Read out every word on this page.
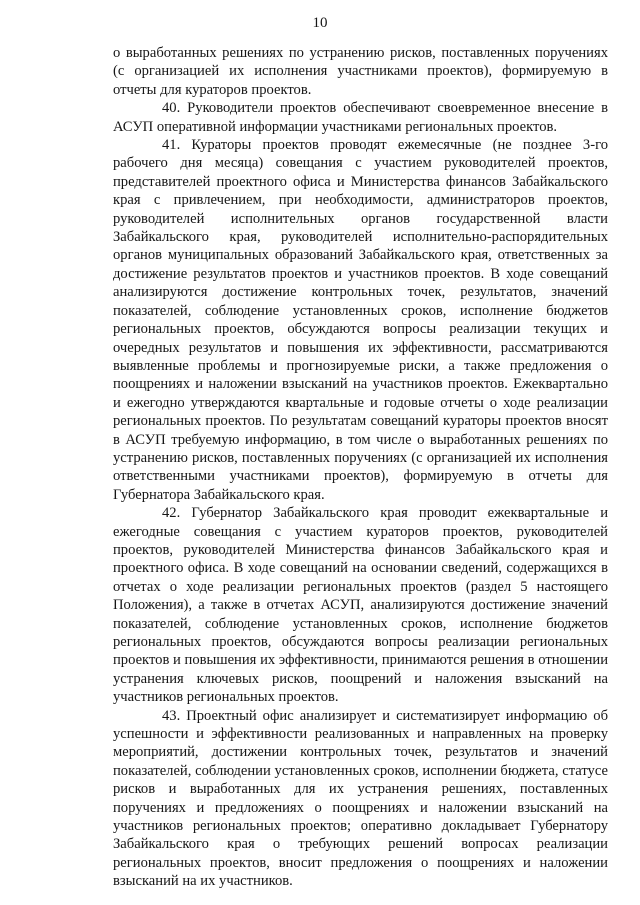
10

о выработанных решениях по устранению рисков, поставленных поручениях (с организацией их исполнения участниками проектов), формируемую в отчеты для кураторов проектов.

40. Руководители проектов обеспечивают своевременное внесение в АСУП оперативной информации участниками региональных проектов.

41. Кураторы проектов проводят ежемесячные (не позднее 3-го рабочего дня месяца) совещания с участием руководителей проектов, представителей проектного офиса и Министерства финансов Забайкальского края с привлечением, при необходимости, администраторов проектов, руководителей исполнительных органов государственной власти Забайкальского края, руководителей исполнительно-распорядительных органов муниципальных образований Забайкальского края, ответственных за достижение результатов проектов и участников проектов. В ходе совещаний анализируются достижение контрольных точек, результатов, значений показателей, соблюдение установленных сроков, исполнение бюджетов региональных проектов, обсуждаются вопросы реализации текущих и очередных результатов и повышения их эффективности, рассматриваются выявленные проблемы и прогнозируемые риски, а также предложения о поощрениях и наложении взысканий на участников проектов. Ежеквартально и ежегодно утверждаются квартальные и годовые отчеты о ходе реализации региональных проектов. По результатам совещаний кураторы проектов вносят в АСУП требуемую информацию, в том числе о выработанных решениях по устранению рисков, поставленных поручениях (с организацией их исполнения ответственными участниками проектов), формируемую в отчеты для Губернатора Забайкальского края.

42. Губернатор Забайкальского края проводит ежеквартальные и ежегодные совещания с участием кураторов проектов, руководителей проектов, руководителей Министерства финансов Забайкальского края и проектного офиса. В ходе совещаний на основании сведений, содержащихся в отчетах о ходе реализации региональных проектов (раздел 5 настоящего Положения), а также в отчетах АСУП, анализируются достижение значений показателей, соблюдение установленных сроков, исполнение бюджетов региональных проектов, обсуждаются вопросы реализации региональных проектов и повышения их эффективности, принимаются решения в отношении устранения ключевых рисков, поощрений и наложения взысканий на участников региональных проектов.

43. Проектный офис анализирует и систематизирует информацию об успешности и эффективности реализованных и направленных на проверку мероприятий, достижении контрольных точек, результатов и значений показателей, соблюдении установленных сроков, исполнении бюджета, статусе рисков и выработанных для их устранения решениях, поставленных поручениях и предложениях о поощрениях и наложении взысканий на участников региональных проектов; оперативно докладывает Губернатору Забайкальского края о требующих решений вопросах реализации региональных проектов, вносит предложения о поощрениях и наложении взысканий на их участников.
